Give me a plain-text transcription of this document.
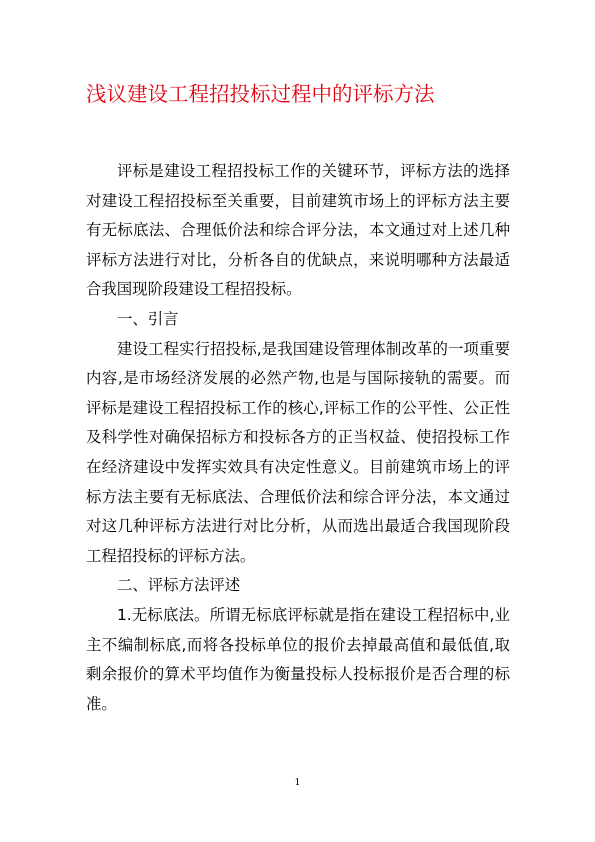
浅议建设工程招投标过程中的评标方法

评标是建设工程招投标工作的关键环节，评标方法的选择对建设工程招投标至关重要，目前建筑市场上的评标方法主要有无标底法、合理低价法和综合评分法，本文通过对上述几种评标方法进行对比，分析各自的优缺点，来说明哪种方法最适合我国现阶段建设工程招投标。

一、引言

建设工程实行招投标,是我国建设管理体制改革的一项重要内容,是市场经济发展的必然产物,也是与国际接轨的需要。而评标是建设工程招投标工作的核心,评标工作的公平性、公正性及科学性对确保招标方和投标各方的正当权益、使招投标工作在经济建设中发挥实效具有决定性意义。目前建筑市场上的评标方法主要有无标底法、合理低价法和综合评分法，本文通过对这几种评标方法进行对比分析，从而选出最适合我国现阶段工程招投标的评标方法。

二、评标方法评述

1.无标底法。所谓无标底评标就是指在建设工程招标中,业主不编制标底,而将各投标单位的报价去掉最高值和最低值,取剩余报价的算术平均值作为衡量投标人投标报价是否合理的标准。

1
